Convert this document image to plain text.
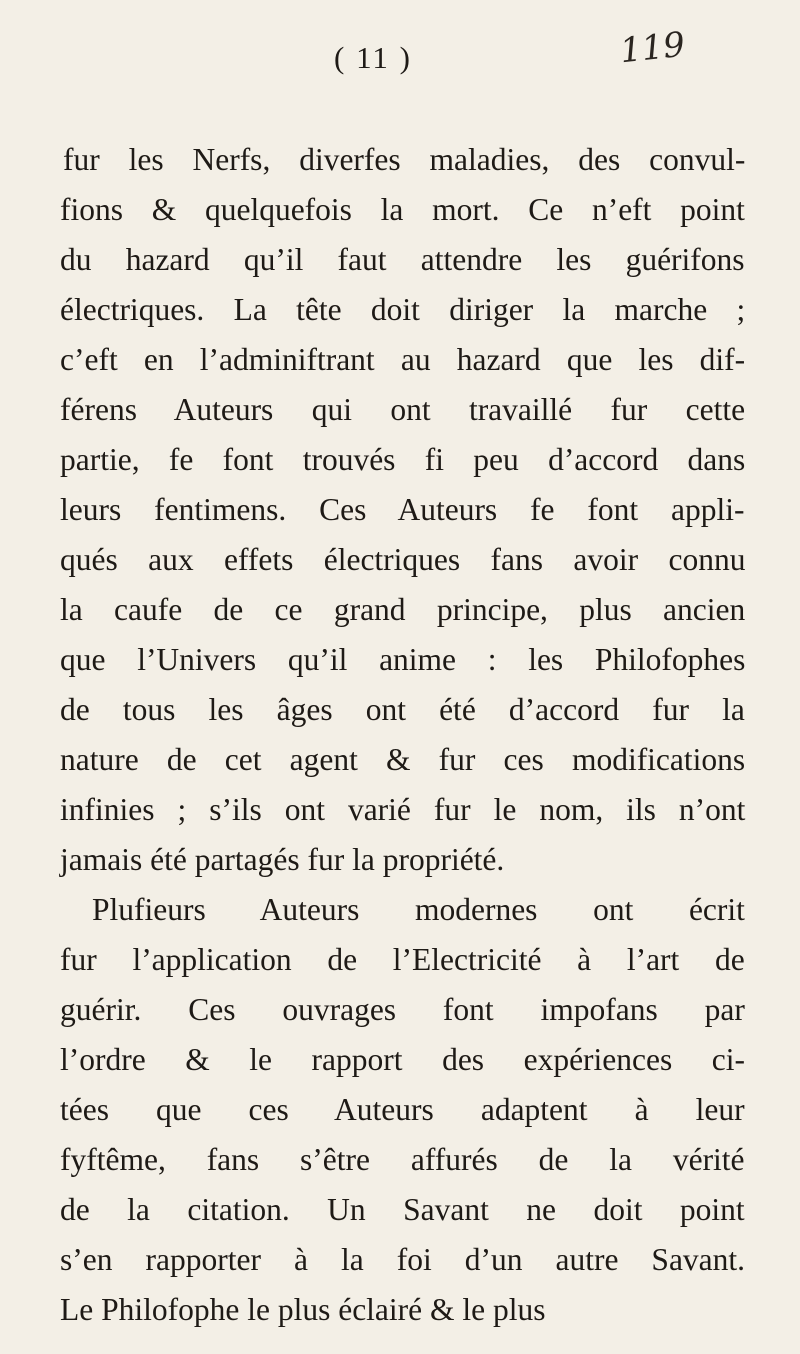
( 11 )	119
fur les Nerfs, diverfes maladies, des convul-
fions & quelquefois la mort. Ce n’eft point
du hazard qu’il faut attendre les guérifons
électriques. La tête doit diriger la marche ;
c’eft en l’adminiftrant au hazard que les dif-
férens Auteurs qui ont travaillé fur cette
partie, fe font trouvés fi peu d’accord dans
leurs fentimens. Ces Auteurs fe font appli-
qués aux effets électriques fans avoir connu
la caufe de ce grand principe, plus ancien
que l’Univers qu’il anime : les Philofophes
de tous les âges ont été d’accord fur la
nature de cet agent & fur ces modifications
infinies ; s’ils ont varié fur le nom, ils n’ont
jamais été partagés fur la propriété.
Plufieurs Auteurs modernes ont écrit
fur l’application de l’Electricité à l’art de
guérir. Ces ouvrages font impofans par
l’ordre & le rapport des expériences ci-
tées que ces Auteurs adaptent à leur
fyftême, fans s’être affurés de la vérité
de la citation. Un Savant ne doit point
s’en rapporter à la foi d’un autre Savant.
Le Philofophe le plus éclairé & le plus
